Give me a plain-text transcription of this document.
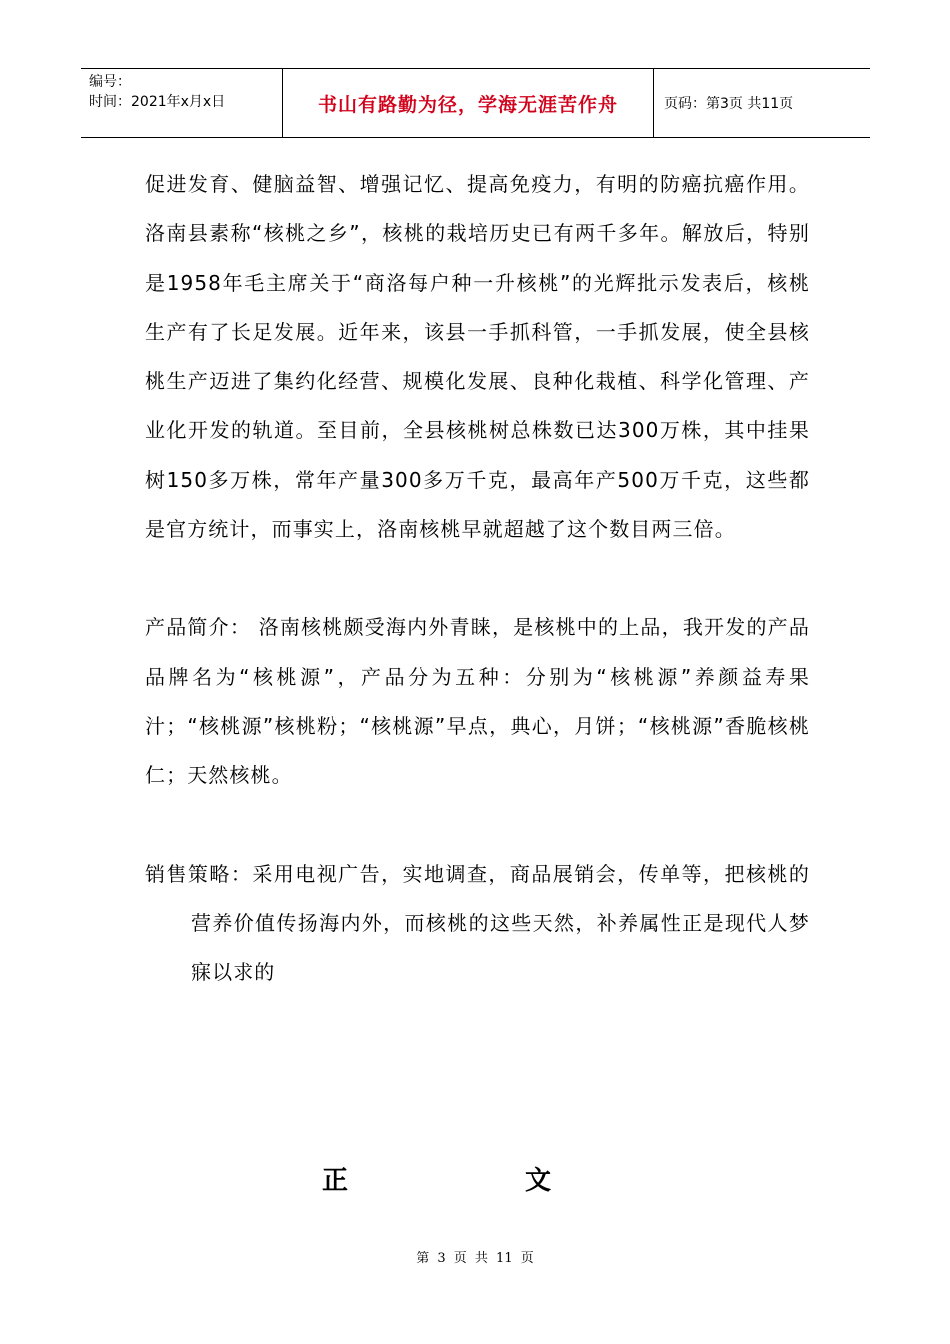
编号：
时间：2021年x月x日	书山有路勤为径，学海无涯苦作舟	页码：第3页 共11页

促进发育、健脑益智、增强记忆、提高免疫力，有明的防癌抗癌作用。洛南县素称“核桃之乡”，核桃的栽培历史已有两千多年。解放后，特别是1958年毛主席关于“商洛每户种一升核桃”的光辉批示发表后，核桃生产有了长足发展。近年来，该县一手抓科管，一手抓发展，使全县核桃生产迈进了集约化经营、规模化发展、良种化栽植、科学化管理、产业化开发的轨道。至目前，全县核桃树总株数已达300万株，其中挂果树150多万株，常年产量300多万千克，最高年产500万千克，这些都是官方统计，而事实上，洛南核桃早就超越了这个数目两三倍。

产品简介： 洛南核桃颇受海内外青睐，是核桃中的上品，我开发的产品品牌名为“核桃源”，产品分为五种：分别为“核桃源”养颜益寿果汁；“核桃源”核桃粉；“核桃源”早点，典心，月饼；“核桃源”香脆核桃仁；天然核桃。

销售策略：采用电视广告，实地调查，商品展销会，传单等，把核桃的营养价值传扬海内外，而核桃的这些天然，补养属性正是现代人梦寐以求的

正	文
第 3 页 共 11 页
